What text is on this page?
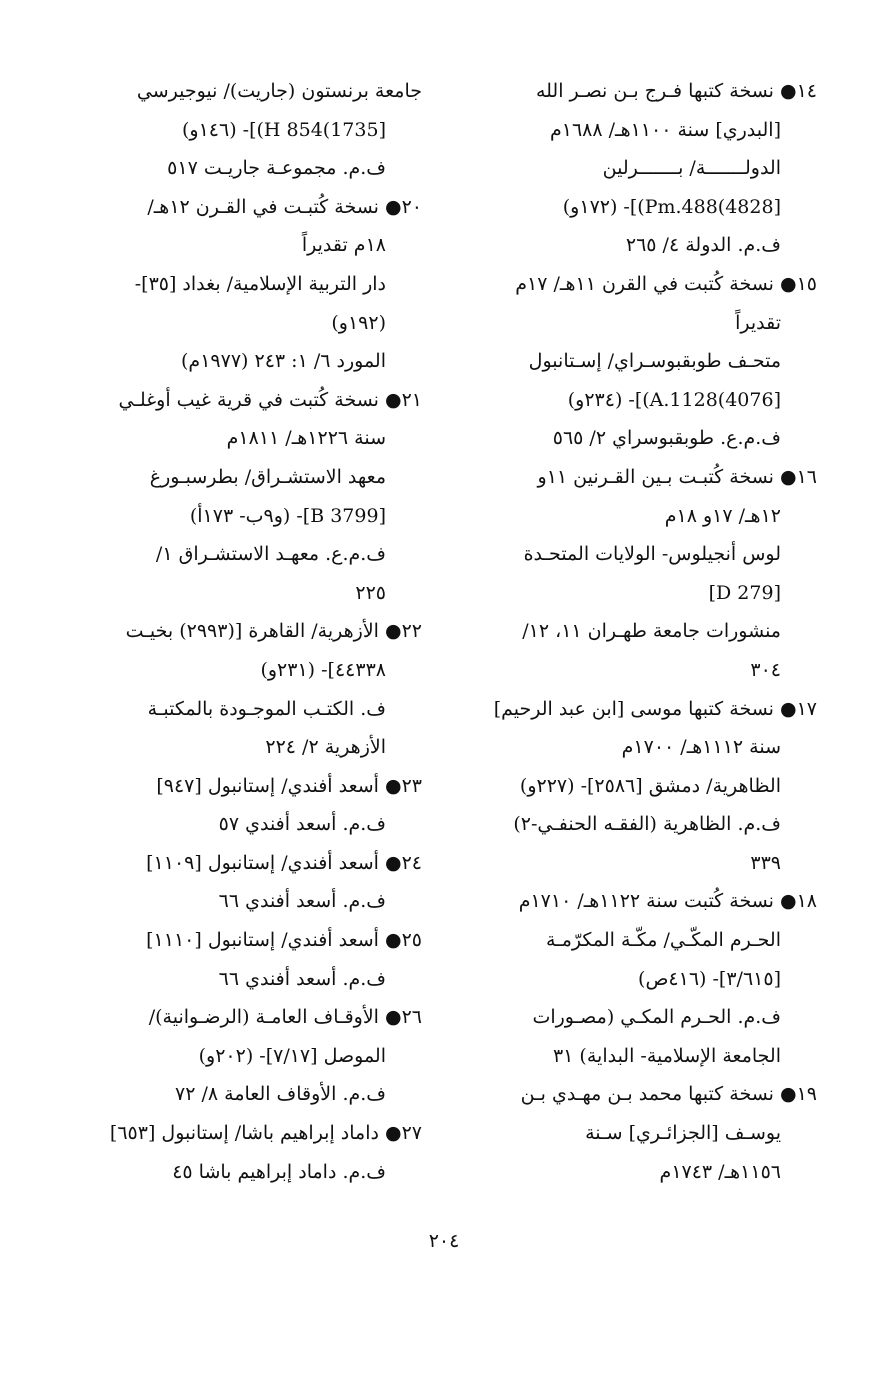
١٤● نسخة كتبها فـرج بـن نصـر الله
[البدري] سنة ١١٠٠هـ/ ١٦٨٨م
الدولـــــــة/ بـــــــرلين
[4828)Pm.488)]- (١٧٢و)
ف.م. الدولة ٤/ ٢٦٥
١٥● نسخة كُتبت في القرن ١١هـ/ ١٧م
تقديراً
متحـف طوبقبوسـراي/ إسـتانبول
[4076)A.1128)]- (٢٣٤و)
ف.م.ع. طوبقبوسراي ٢/ ٥٦٥
١٦● نسخة كُتبـت بـين القـرنين ١١و
١٢هـ/ ١٧و ١٨م
لوس أنجيلوس- الولايات المتحـدة
[D 279]
منشورات جامعة طهـران ١١، ١٢/
٣٠٤
١٧● نسخة كتبها موسى [ابن عبد الرحيم]
سنة ١١١٢هـ/ ١٧٠٠م
الظاهرية/ دمشق [٢٥٨٦]- (٢٢٧و)
ف.م. الظاهرية (الفقـه الحنفـي-٢)
٣٣٩
١٨● نسخة كُتبت سنة ١١٢٢هـ/ ١٧١٠م
الحـرم المكّـي/ مكّـة المكرّمـة
[٣/٦١٥]- (٤١٦ص)
ف.م. الحـرم المكـي (مصـورات
الجامعة الإسلامية- البداية) ٣١
١٩● نسخة كتبها محمد بـن مهـدي بـن
يوسـف [الجزائـري] سـنة
١١٥٦هـ/ ١٧٤٣م
جامعة برنستون (جاريت)/ نيوجيرسي
[1735)854 H)]- (١٤٦و)
ف.م. مجموعـة جاريـت ٥١٧
٢٠● نسخة كُتبـت في القـرن ١٢هـ/
١٨م تقديراً
دار التربية الإسلامية/ بغداد [٣٥]-
(١٩٢و)
المورد ٦/ ١: ٢٤٣ (١٩٧٧م)
٢١● نسخة كُتبت في قرية غيب أوغلـي
سنة ١٢٢٦هـ/ ١٨١١م
معهد الاستشـراق/ بطرسبـورغ
[B 3799]- (و٩ب- ١٧٣أ)
ف.م.ع. معهـد الاستشـراق ١/
٢٢٥
٢٢● الأزهرية/ القاهرة [(٢٩٩٣) بخيـت
٤٤٣٣٨]- (٢٣١و)
ف. الكتـب الموجـودة بالمكتبـة
الأزهرية ٢/ ٢٢٤
٢٣● أسعد أفندي/ إستانبول [٩٤٧]
ف.م. أسعد أفندي ٥٧
٢٤● أسعد أفندي/ إستانبول [١١٠٩]
ف.م. أسعد أفندي ٦٦
٢٥● أسعد أفندي/ إستانبول [١١١٠]
ف.م. أسعد أفندي ٦٦
٢٦● الأوقـاف العامـة (الرضـوانية)/
الموصل [٧/١٧]- (٢٠٢و)
ف.م. الأوقاف العامة ٨/ ٧٢
٢٧● داماد إبراهيم باشا/ إستانبول [٦٥٣]
ف.م. داماد إبراهيم باشا ٤٥
٢٠٤
